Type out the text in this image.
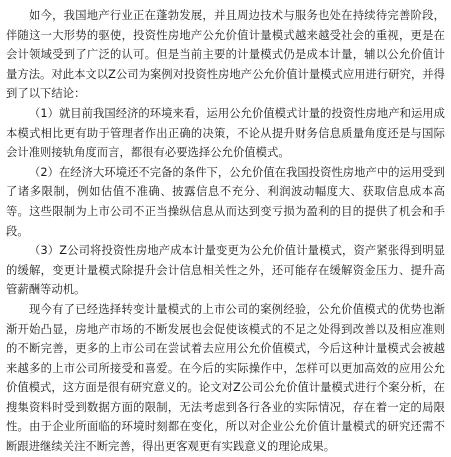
如今，我国地产行业正在蓬勃发展，并且周边技术与服务也处在持续待完善阶段，伴随这一大形势的驱使，投资性房地产公允价值计量模式越来越受社会的重视，更是在会计领域受到了广泛的认可。但是当前主要的计量模式仍是成本计量，辅以公允价值计量方法。对此本文以Z公司为案例对投资性房地产公允价值计量模式应用进行研究，并得到了以下结论：

（1）就目前我国经济的环境来看，运用公允价值模式计量的投资性房地产和运用成本模式相比更有助于管理者作出正确的决策，不论从提升财务信息质量角度还是与国际会计准则接轨角度而言，都很有必要选择公允价值模式。

（2）在经济大环境还不完备的条件下，公允价值在我国投资性房地产中的运用受到了诸多限制，例如估值不准确、披露信息不充分、利润波动幅度大、获取信息成本高等。这些限制为上市公司不正当操纵信息从而达到变亏损为盈利的目的提供了机会和手段。

（3）Z公司将投资性房地产成本计量变更为公允价值计量模式，资产紧张得到明显的缓解，变更计量模式除提升会计信息相关性之外，还可能存在缓解资金压力、提升高管薪酬等动机。

现今有了已经选择转变计量模式的上市公司的案例经验，公允价值模式的优势也渐渐开始凸显，房地产市场的不断发展也会促使该模式的不足之处得到改善以及相应准则的不断完善，更多的上市公司在尝试着去应用公允价值模式，今后这种计量模式会被越来越多的上市公司所接受和喜爱。在今后的实际操作中，怎样可以更加高效的应用公允价值模式，这方面是很有研究意义的。论文对Z公司公允价值计量模式进行个案分析，在搜集资料时受到数据方面的限制，无法考虑到各行各业的实际情况，存在着一定的局限性。由于企业所面临的环境时刻都在变化，所以对企业公允价值计量模式的研究还需不断跟进继续关注不断完善，得出更客观更有实践意义的理论成果。
